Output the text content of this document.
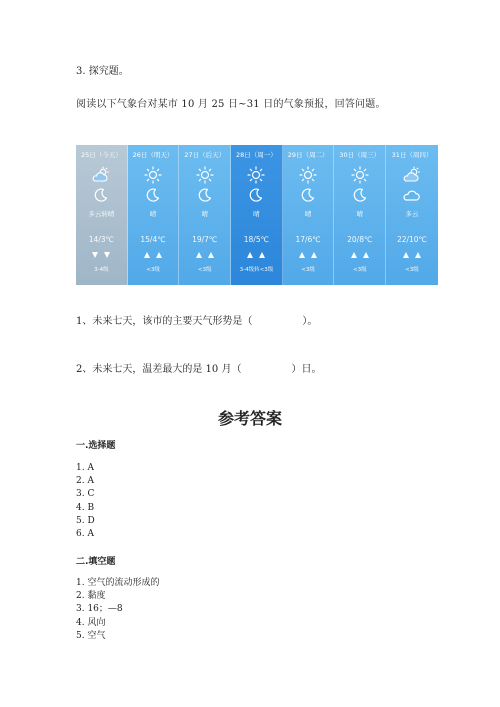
3. 探究题。
阅读以下气象台对某市 10 月 25 日~31 日的气象预报，回答问题。
25日（今天）
多云转晴
14/3℃
3-4级
26日（明天）
晴
15/4℃
<3级
27日（后天）
晴
19/7℃
<3级
28日（周一）
晴
18/5℃
3-4级转<3级
29日（周二）
晴
17/6℃
<3级
30日（周三）
晴
20/8℃
<3级
31日（周四）
多云
22/10℃
<3级
1、未来七天，该市的主要天气形势是（　　　　　）。
2、未来七天，温差最大的是 10 月（　　　　　）日。
参考答案
一.选择题
1. A
2. A
3. C
4. B
5. D
6. A
二.填空题
1. 空气的流动形成的
2. 黏度
3. 16；—8
4. 风向
5. 空气
